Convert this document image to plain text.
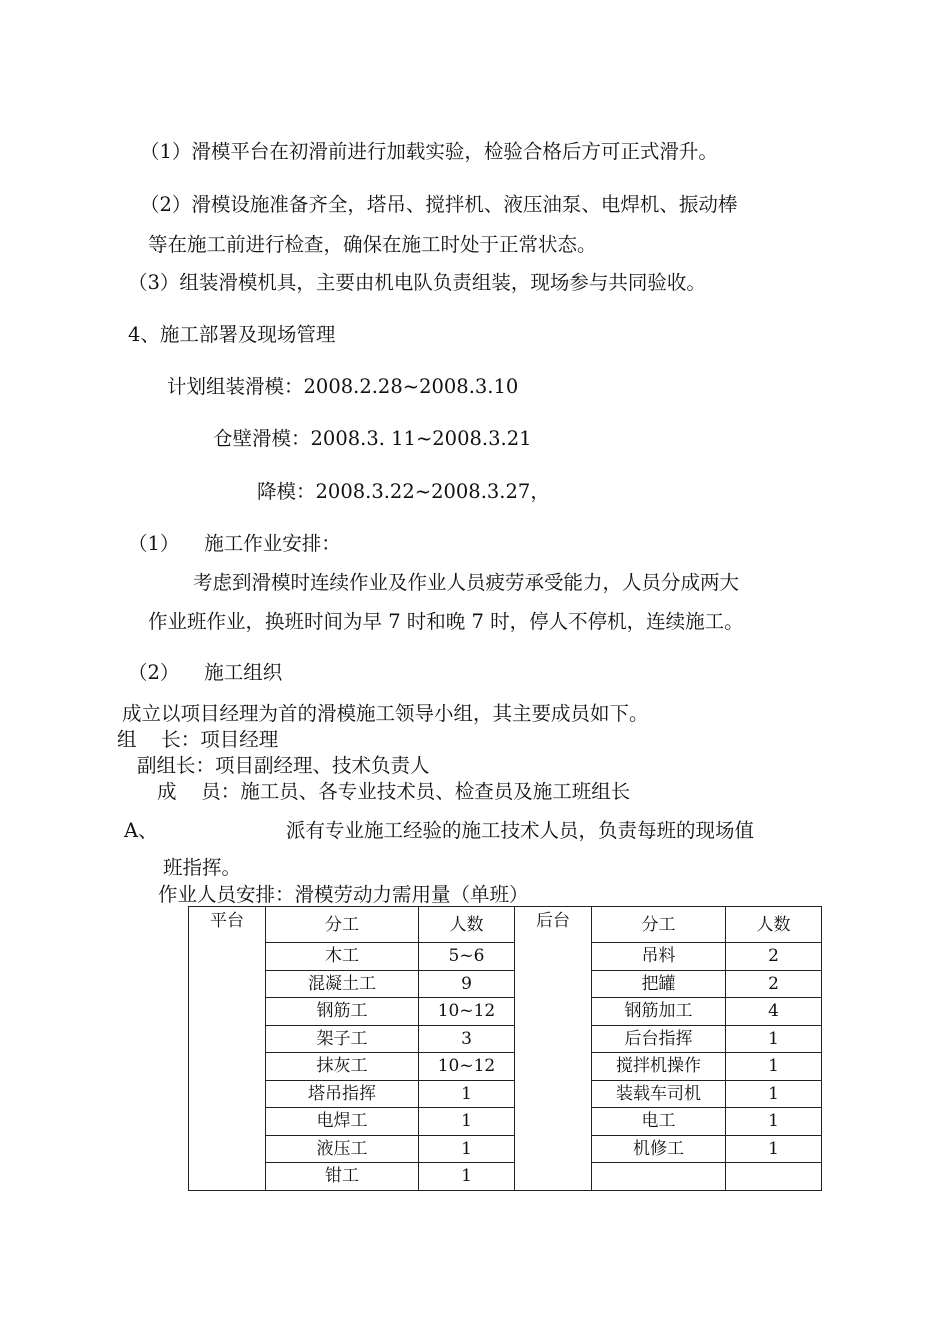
（1）滑模平台在初滑前进行加载实验，检验合格后方可正式滑升。
（2）滑模设施准备齐全，塔吊、搅拌机、液压油泵、电焊机、振动棒
等在施工前进行检查，确保在施工时处于正常状态。
（3）组装滑模机具，主要由机电队负责组装，现场参与共同验收。
4、施工部署及现场管理
计划组装滑模：2008.2.28~2008.3.10
仓壁滑模：2008.3. 11~2008.3.21
降模：2008.3.22~2008.3.27，
（1）    施工作业安排：
考虑到滑模时连续作业及作业人员疲劳承受能力，人员分成两大
作业班作业，换班时间为早 7 时和晚 7 时，停人不停机，连续施工。
（2）    施工组织
成立以项目经理为首的滑模施工领导小组，其主要成员如下。
组    长：项目经理
副组长：项目副经理、技术负责人
成    员：施工员、各专业技术员、检查员及施工班组长
A、	派有专业施工经验的施工技术人员，负责每班的现场值
班指挥。
作业人员安排：滑模劳动力需用量（单班）
平台	分工	人数	后台	分工	人数
	木工	5~6		吊料	2
	混凝土工	9		把罐	2
	钢筋工	10~12		钢筋加工	4
	架子工	3		后台指挥	1
	抹灰工	10~12		搅拌机操作	1
	塔吊指挥	1		装载车司机	1
	电焊工	1		电工	1
	液压工	1		机修工	1
	钳工	1			
